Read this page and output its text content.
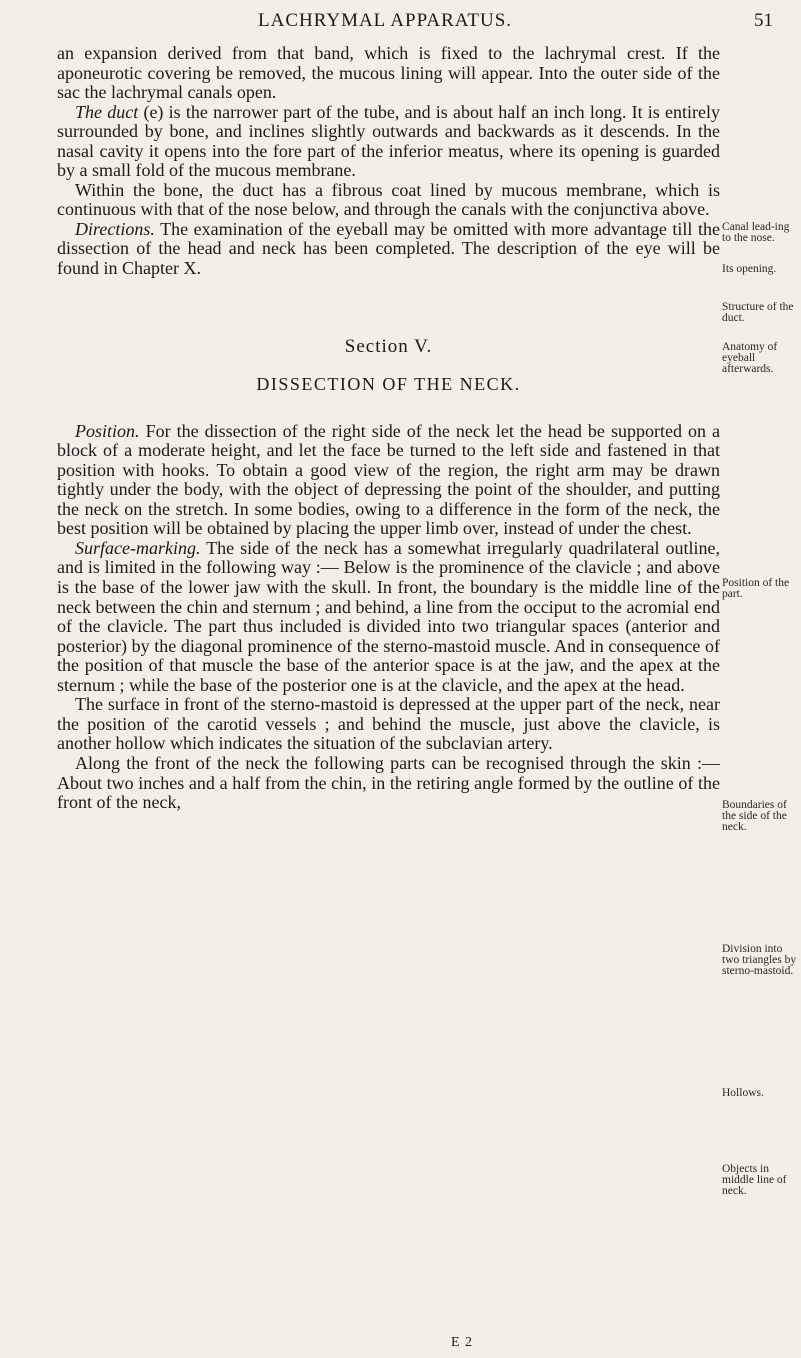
LACHRYMAL APPARATUS.	51

an expansion derived from that band, which is fixed to the lachrymal crest. If the aponeurotic covering be removed, the mucous lining will appear. Into the outer side of the sac the lachrymal canals open.

The duct (e) is the narrower part of the tube, and is about half an inch long. It is entirely surrounded by bone, and inclines slightly outwards and backwards as it descends. In the nasal cavity it opens into the fore part of the inferior meatus, where its opening is guarded by a small fold of the mucous membrane.

Within the bone, the duct has a fibrous coat lined by mucous membrane, which is continuous with that of the nose below, and through the canals with the conjunctiva above.

Directions. The examination of the eyeball may be omitted with more advantage till the dissection of the head and neck has been completed. The description of the eye will be found in Chapter X.

Section V.

DISSECTION OF THE NECK.

Position. For the dissection of the right side of the neck let the head be supported on a block of a moderate height, and let the face be turned to the left side and fastened in that position with hooks. To obtain a good view of the region, the right arm may be drawn tightly under the body, with the object of depressing the point of the shoulder, and putting the neck on the stretch. In some bodies, owing to a difference in the form of the neck, the best position will be obtained by placing the upper limb over, instead of under the chest.

Surface-marking. The side of the neck has a somewhat irregularly quadrilateral outline, and is limited in the following way :— Below is the prominence of the clavicle ; and above is the base of the lower jaw with the skull. In front, the boundary is the middle line of the neck between the chin and sternum ; and behind, a line from the occiput to the acromial end of the clavicle. The part thus included is divided into two triangular spaces (anterior and posterior) by the diagonal prominence of the sterno-mastoid muscle. And in consequence of the position of that muscle the base of the anterior space is at the jaw, and the apex at the sternum ; while the base of the posterior one is at the clavicle, and the apex at the head.

The surface in front of the sterno-mastoid is depressed at the upper part of the neck, near the position of the carotid vessels ; and behind the muscle, just above the clavicle, is another hollow which indicates the situation of the subclavian artery.

Along the front of the neck the following parts can be recognised through the skin :—About two inches and a half from the chin, in the retiring angle formed by the outline of the front of the neck,

Canal lead-ing to the nose.
Its opening.
Structure of the duct.
Anatomy of eyeball afterwards.
Position of the part.
Boundaries of the side of the neck.
Division into two triangles by sterno-mastoid.
Hollows.
Objects in middle line of neck.
E 2
